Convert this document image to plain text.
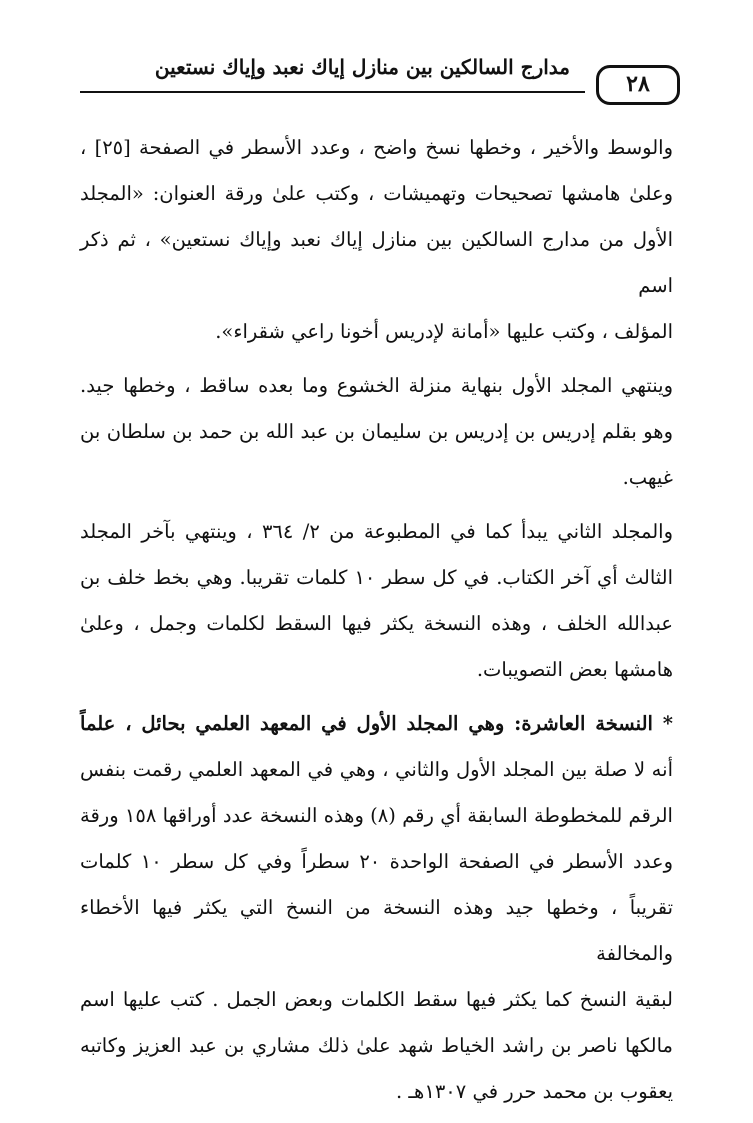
مدارج السالكين بين منازل إياك نعبد وإياك نستعين
٢٨

والوسط والأخير ، وخطها نسخ واضح ، وعدد الأسطر في الصفحة [٢٥] ،
وعلىٰ هامشها تصحيحات وتهميشات ، وكتب علىٰ ورقة العنوان: «المجلد
الأول من مدارج السالكين بين منازل إياك نعبد وإياك نستعين» ، ثم ذكر اسم
المؤلف ، وكتب عليها «أمانة لإدريس أخونا راعي شقراء».

وينتهي المجلد الأول بنهاية منزلة الخشوع وما بعده ساقط ، وخطها جيد.
وهو بقلم إدريس بن إدريس بن سليمان بن عبد الله بن حمد بن سلطان بن
غيهب.

والمجلد الثاني يبدأ كما في المطبوعة من ٢/ ٣٦٤ ، وينتهي بآخر المجلد
الثالث أي آخر الكتاب. في كل سطر ١٠ كلمات تقريبا. وهي بخط خلف بن
عبدالله الخلف ، وهذه النسخة يكثر فيها السقط لكلمات وجمل ، وعلىٰ
هامشها بعض التصويبات.

* النسخة العاشرة: وهي المجلد الأول في المعهد العلمي بحائل ، علماً
أنه لا صلة بين المجلد الأول والثاني ، وهي في المعهد العلمي رقمت بنفس
الرقم للمخطوطة السابقة أي رقم (٨) وهذه النسخة عدد أوراقها ١٥٨ ورقة
وعدد الأسطر في الصفحة الواحدة ٢٠ سطراً وفي كل سطر ١٠ كلمات
تقريباً ، وخطها جيد وهذه النسخة من النسخ التي يكثر فيها الأخطاء والمخالفة
لبقية النسخ كما يكثر فيها سقط الكلمات وبعض الجمل . كتب عليها اسم
مالكها ناصر بن راشد الخياط شهد علىٰ ذلك مشاري بن عبد العزيز وكاتبه
يعقوب بن محمد حرر في ١٣٠٧هـ .
